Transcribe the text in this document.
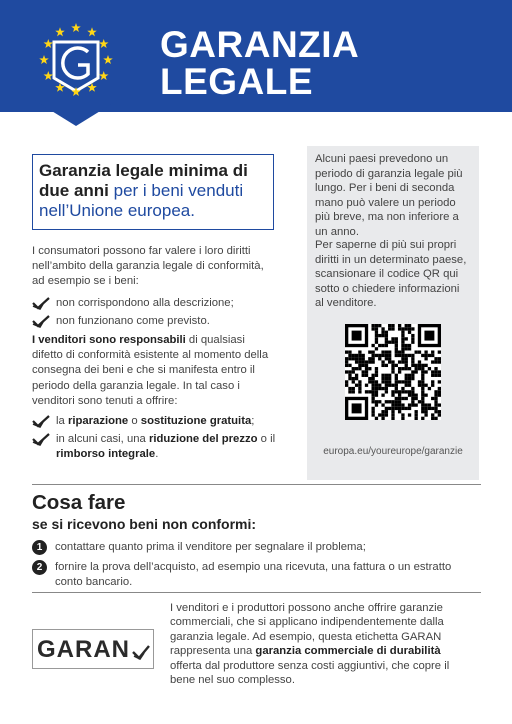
GARANZIA
LEGALE
Garanzia legale minima di due anni per i beni venduti nell’Unione europea.
I consumatori possono far valere i loro diritti nell’ambito della garanzia legale di conformità, ad esempio se i beni:
non corrispondono alla descrizione;
non funzionano come previsto.
I venditori sono responsabili di qualsiasi difetto di conformità esistente al momento della consegna dei beni e che si manifesta entro il periodo della garanzia legale. In tal caso i venditori sono tenuti a offrire:
la riparazione o sostituzione gratuita;
in alcuni casi, una riduzione del prezzo o il rimborso integrale.
Alcuni paesi prevedono un periodo di garanzia legale più lungo. Per i beni di seconda mano può valere un periodo più breve, ma non inferiore a un anno.
Per saperne di più sui propri diritti in un determinato paese, scansionare il codice QR qui sotto o chiedere informazioni al venditore.
europa.eu/youreurope/garanzie
Cosa fare
se si ricevono beni non conformi:
1	contattare quanto prima il venditore per segnalare il problema;
2	fornire la prova dell’acquisto, ad esempio una ricevuta, una fattura o un estratto conto bancario.
GARAN
I venditori e i produttori possono anche offrire garanzie commerciali, che si applicano indipendentemente dalla garanzia legale. Ad esempio, questa etichetta GARAN rappresenta una garanzia commerciale di durabilità offerta dal produttore senza costi aggiuntivi, che copre il bene nel suo complesso.
